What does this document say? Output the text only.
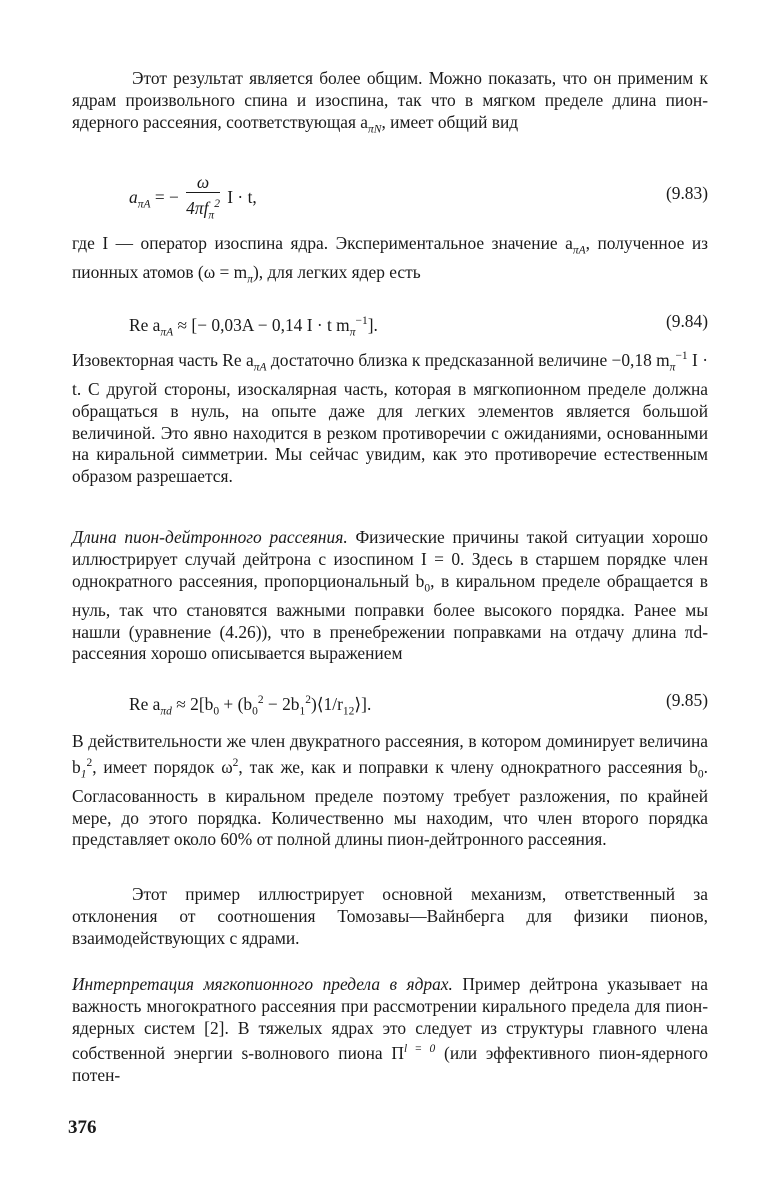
Этот результат является более общим. Можно показать, что он применим к ядрам произвольного спина и изоспина, так что в мягком пределе длина пион-ядерного рассеяния, соответствующая $a_{\pi N}$, имеет общий вид

$a_{\pi A}$ = − $\frac{\omega}{4\pi f_\pi^2}$ I · t,	(9.83)

где I — оператор изоспина ядра. Экспериментальное значение $a_{\pi A}$, полученное из пионных атомов $(\omega = m_\pi)$, для легких ядер есть

Re $a_{\pi A}$ ≈ [− 0,03A − 0,14 I · t $m_\pi^{-1}$].	(9.84)

Изовекторная часть Re $a_{\pi A}$ достаточно близка к предсказанной величине −0,18 $m_\pi^{-1}$ I · t. С другой стороны, изоскалярная часть, которая в мягкопионном пределе должна обращаться в нуль, на опыте даже для легких элементов является большой величиной. Это явно находится в резком противоречии с ожиданиями, основанными на киральной симметрии. Мы сейчас увидим, как это противоречие естественным образом разрешается.

Длина пион-дейтронного рассеяния. Физические причины такой ситуации хорошо иллюстрирует случай дейтрона с изоспином I = 0. Здесь в старшем порядке член однократного рассеяния, пропорциональный $b_0$, в киральном пределе обращается в нуль, так что становятся важными поправки более высокого порядка. Ранее мы нашли (уравнение (4.26)), что в пренебрежении поправками на отдачу длина πd-рассеяния хорошо описывается выражением

Re $a_{\pi d} \approx 2[b_0 + (b_0^2$ − $2b_1^2)⟨1/r_{12}⟩$].	(9.85)

В действительности же член двукратного рассеяния, в котором доминирует величина $b_1^2$, имеет порядок $\omega^2$, так же, как и поправки к члену однократного рассеяния $b_0$. Согласованность в киральном пределе поэтому требует разложения, по крайней мере, до этого порядка. Количественно мы находим, что член второго порядка представляет около 60% от полной длины пион-дейтронного рассеяния.

Этот пример иллюстрирует основной механизм, ответственный за отклонения от соотношения Томозавы—Вайнберга для физики пионов, взаимодействующих с ядрами.

Интерпретация мягкопионного предела в ядрах. Пример дейтрона указывает на важность многократного рассеяния при рассмотрении кирального предела для пион-ядерных систем [2]. В тяжелых ядрах это следует из структуры главного члена собственной энергии s-волнового пиона $\Pi^{l = 0}$ (или эффективного пион-ядерного потен-

376
